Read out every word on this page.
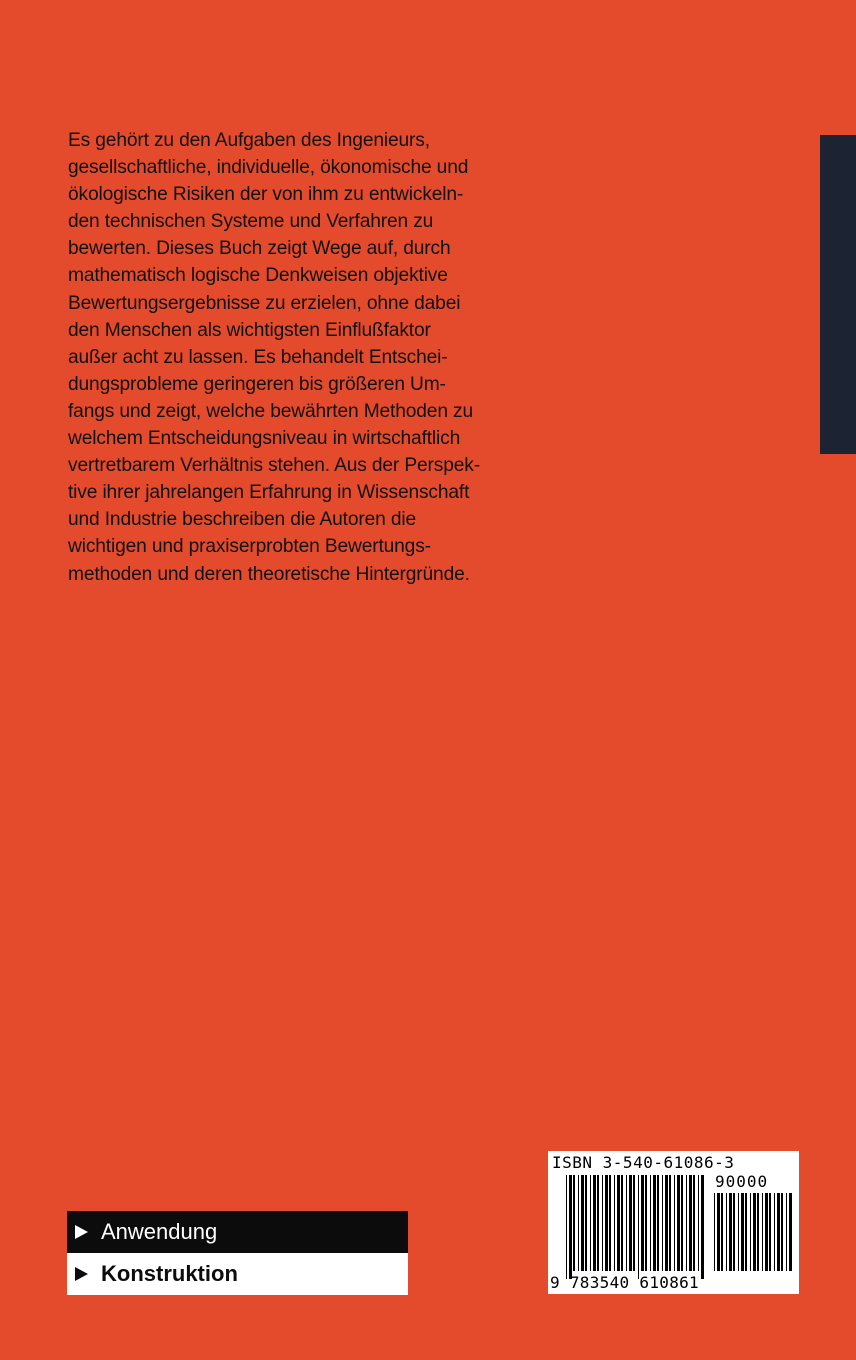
Es gehört zu den Aufgaben des Ingenieurs,
gesellschaftliche, individuelle, ökonomische und
ökologische Risiken der von ihm zu entwickeln-
den technischen Systeme und Verfahren zu
bewerten. Dieses Buch zeigt Wege auf, durch
mathematisch logische Denkweisen objektive
Bewertungsergebnisse zu erzielen, ohne dabei
den Menschen als wichtigsten Einflußfaktor
außer acht zu lassen. Es behandelt Entschei-
dungsprobleme geringeren bis größeren Um-
fangs und zeigt, welche bewährten Methoden zu
welchem Entscheidungsniveau in wirtschaftlich
vertretbarem Verhältnis stehen. Aus der Perspek-
tive ihrer jahrelangen Erfahrung in Wissenschaft
und Industrie beschreiben die Autoren die
wichtigen und praxiserprobten Bewertungs-
methoden und deren theoretische Hintergründe.
Anwendung
Konstruktion
ISBN 3-540-61086-3
90000
9 783540 610861
